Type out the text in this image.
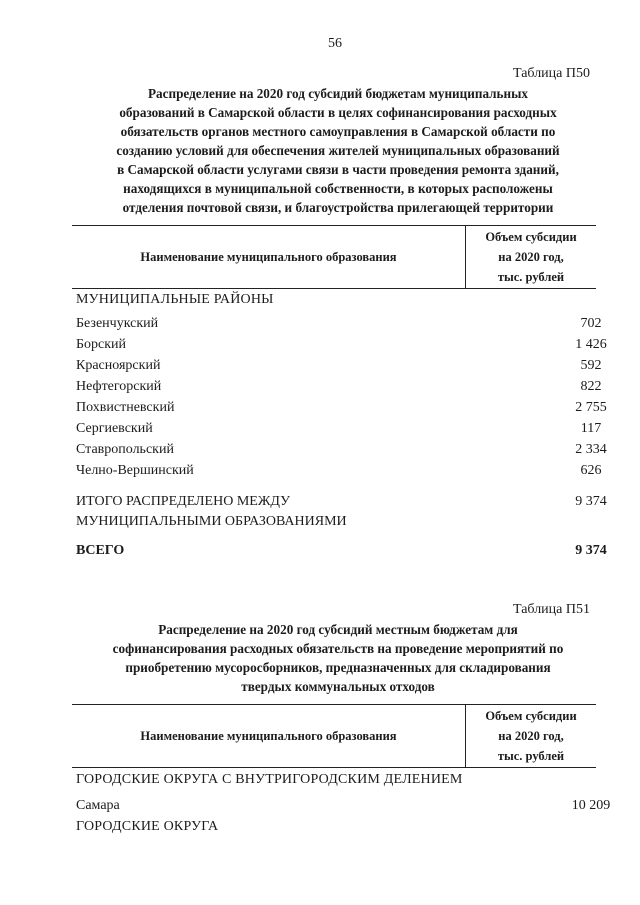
56
Таблица П50
Распределение на 2020 год субсидий бюджетам муниципальных
образований в Самарской области в целях софинансирования расходных
обязательств органов местного самоуправления в Самарской области по
созданию условий для обеспечения жителей муниципальных образований
в Самарской области услугами связи в части проведения ремонта зданий,
находящихся в муниципальной собственности, в которых расположены
отделения почтовой связи, и благоустройства прилегающей территории
Наименование муниципального образования
Объем субсидии
на 2020 год,
тыс. рублей
МУНИЦИПАЛЬНЫЕ РАЙОНЫ
Безенчукский	702
Борский	1 426
Красноярский	592
Нефтегорский	822
Похвистневский	2 755
Сергиевский	117
Ставропольский	2 334
Челно-Вершинский	626
ИТОГО РАСПРЕДЕЛЕНО МЕЖДУ
МУНИЦИПАЛЬНЫМИ ОБРАЗОВАНИЯМИ
9 374
ВСЕГО	9 374
Таблица П51
Распределение на 2020 год субсидий местным бюджетам для
софинансирования расходных обязательств на проведение мероприятий по
приобретению мусоросборников, предназначенных для складирования
твердых коммунальных отходов
Наименование муниципального образования
Объем субсидии
на 2020 год,
тыс. рублей
ГОРОДСКИЕ ОКРУГА С ВНУТРИГОРОДСКИМ ДЕЛЕНИЕМ
Самара	10 209
ГОРОДСКИЕ ОКРУГА
